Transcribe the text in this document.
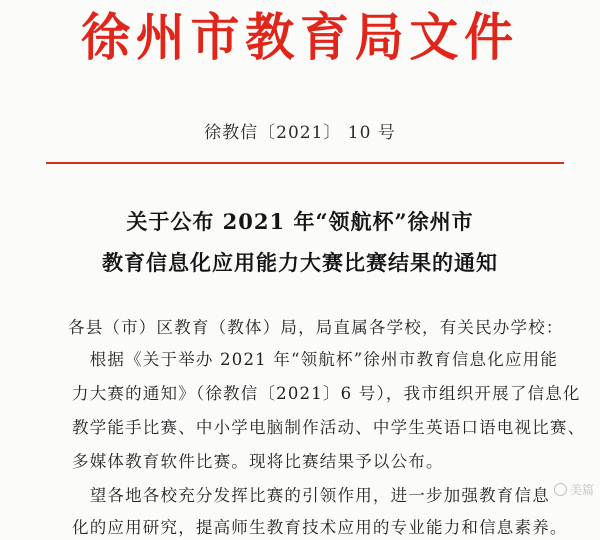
徐州市教育局文件
徐教信〔2021〕 10 号
关于公布 2021 年“领航杯”徐州市
教育信息化应用能力大赛比赛结果的通知
各县（市）区教育（教体）局，局直属各学校，有关民办学校：
　根据《关于举办 2021 年“领航杯”徐州市教育信息化应用能
力大赛的通知》（徐教信〔2021〕6 号），我市组织开展了信息化
教学能手比赛、中小学电脑制作活动、中学生英语口语电视比赛、
多媒体教育软件比赛。现将比赛结果予以公布。
　望各地各校充分发挥比赛的引领作用，进一步加强教育信息
化的应用研究，提高师生教育技术应用的专业能力和信息素养。
美篇
